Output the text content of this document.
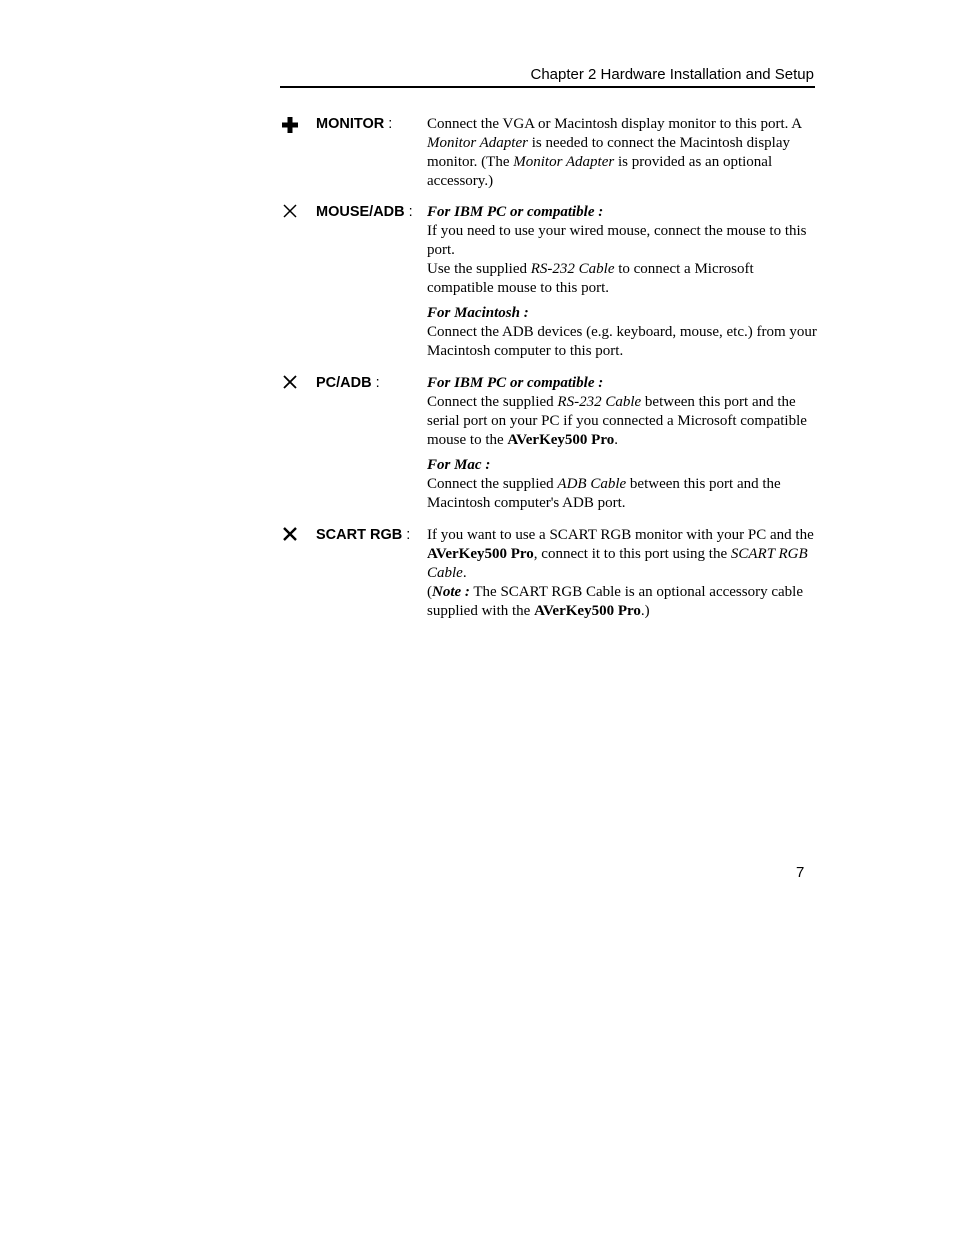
Chapter 2 Hardware Installation and Setup
MONITOR : Connect the VGA or Macintosh display monitor to this port. A Monitor Adapter is needed to connect the Macintosh display monitor. (The Monitor Adapter is provided as an optional accessory.)

MOUSE/ADB : For IBM PC or compatible :

If you need to use your wired mouse, connect the mouse to this port.

Use the supplied RS-232 Cable to connect a Microsoft compatible mouse to this port.

For Macintosh :

Connect the ADB devices (e.g. keyboard, mouse, etc.) from your Macintosh computer to this port.

PC/ADB :	For IBM PC or compatible :

Connect the supplied RS-232 Cable between this port and the serial port on your PC if you connected a Microsoft compatible mouse to the AVerKey500 Pro.

For Mac :

Connect the supplied ADB Cable between this port and the Macintosh computer's ADB port.

SCART RGB : If you want to use a SCART RGB monitor with your PC and the AVerKey500 Pro, connect it to this port using the SCART RGB Cable.

(Note : The SCART RGB Cable is an optional accessory cable supplied with the AVerKey500 Pro.)

7
